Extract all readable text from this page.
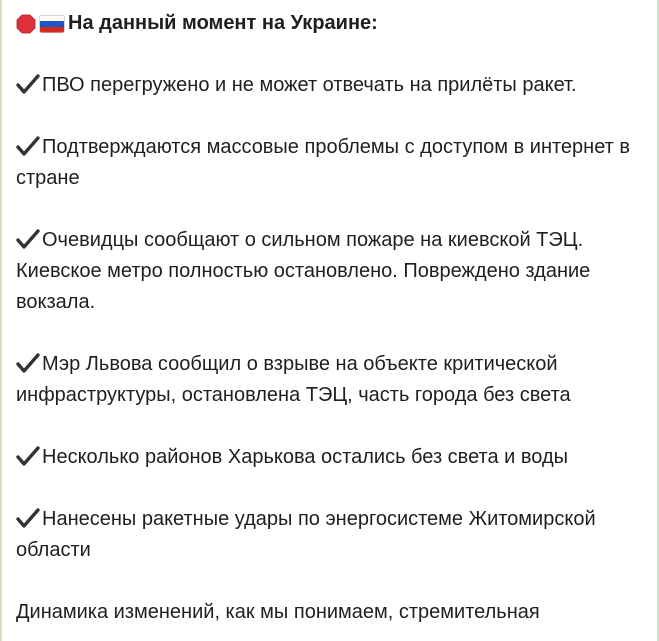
На данный момент на Украине:
ПВО перегружено и не может отвечать на прилёты ракет.
Подтверждаются массовые проблемы с доступом в интернет в стране
Очевидцы сообщают о сильном пожаре на киевской ТЭЦ. Киевское метро полностью остановлено. Повреждено здание вокзала.
Мэр Львова сообщил о взрыве на объекте критической инфраструктуры, остановлена ТЭЦ, часть города без света
Несколько районов Харькова остались без света и воды
Нанесены ракетные удары по энергосистеме Житомирской области
Динамика изменений, как мы понимаем, стремительная
